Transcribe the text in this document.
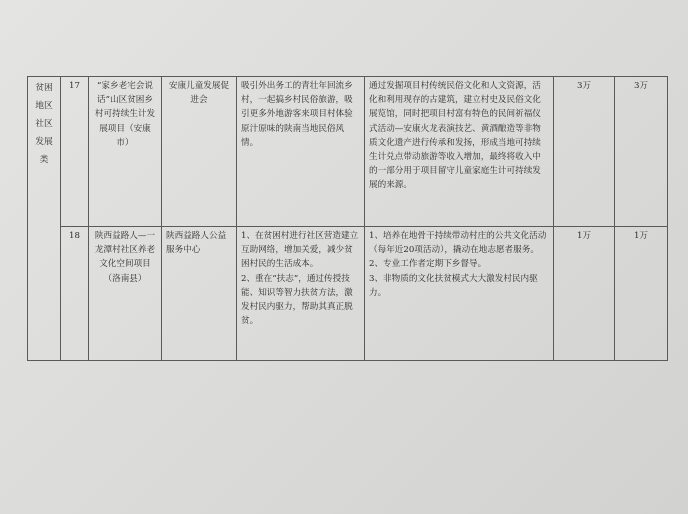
贫困地区社区发展类	17	“家乡老宅会说话”山区贫困乡村可持续生计发展项目（安康市）	安康儿童发展促进会	吸引外出务工的青壮年回流乡村，一起搞乡村民俗旅游，吸引更多外地游客来项目村体验原汁原味的陕南当地民俗风情。	通过发掘项目村传统民俗文化和人文资源，活化和利用现存的古建筑，建立村史及民俗文化展览馆，同时把项目村富有特色的民间祈福仪式活动—安康火龙表演技艺、黄酒酿造等非物质文化遗产进行传承和发扬，形成当地可持续生计兑点带动旅游等收入增加，最终将收入中的一部分用于项目留守儿童家庭生计可持续发展的来源。	3万	3万
	18	陕西益路人—一龙潭村社区养老文化空间项目（洛南县）	陕西益路人公益服务中心	1、在贫困村进行社区营造建立互助网络，增加关爱，减少贫困村民的生活成本。
2、重在“扶志”，通过传授技能、知识等智力扶贫方法，激发村民内驱力，帮助其真正脱贫。	1、培养在地骨干持续带动村庄的公共文化活动（每年近20项活动），撬动在地志愿者服务。
2、专业工作者定期下乡督导。
3、非物质的文化扶贫模式大大激发村民内驱力。	1万	1万
